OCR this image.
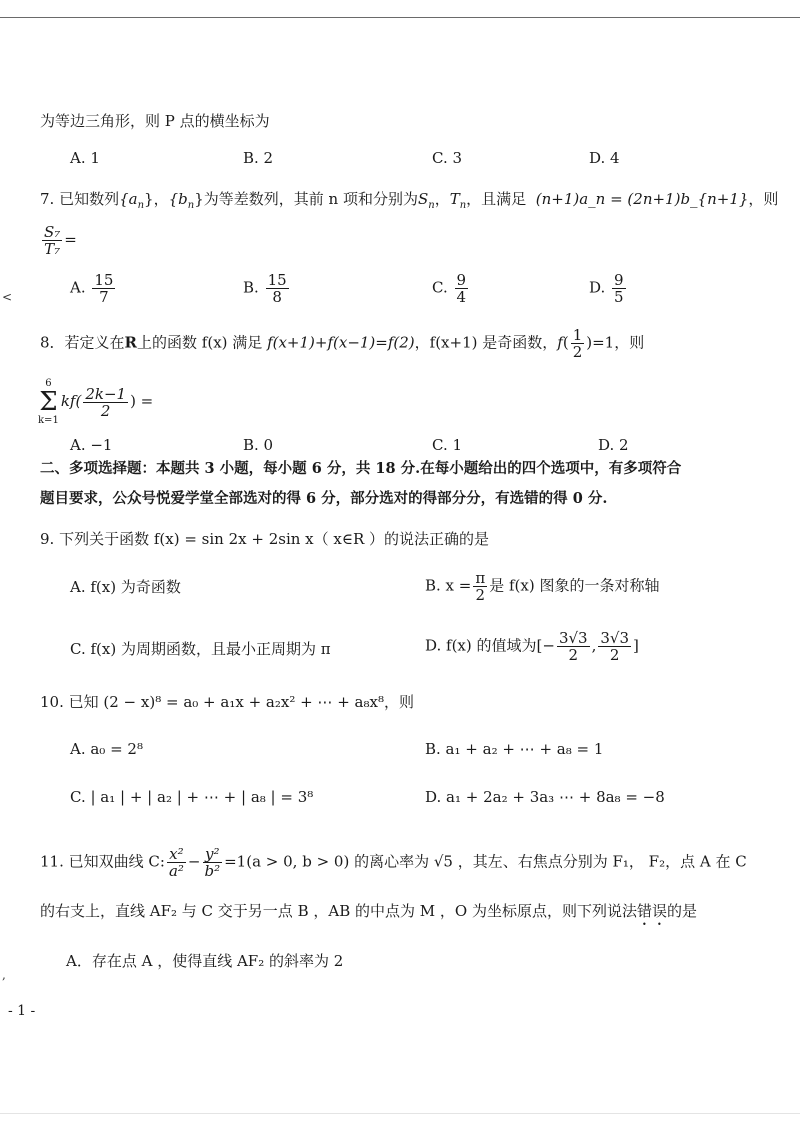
<
,
为等边三角形，则 P 点的横坐标为
A. 1	B. 2	C. 3	D. 4
7. 已知数列$\{a_n\}$，$\{b_n\}$为等差数列，其前 n 项和分别为$S_n$，$T_n$，且满足 (n+1)a_n = (2n+1)b_{n+1}，则
$\frac{\text{S₇}}{\text{T₇}}$ =
A. $\frac{15}{7}$	B. $\frac{15}{8}$	C. $\frac{9}{4}$	D. $\frac{9}{5}$
8．若定义在R上的函数 f(x) 满足 f(x+1)+f(x−1)=f(2)，f(x+1) 是奇函数，$f( \frac{1}{2} )=1$，则
6
Σ
k=1
$kf( \frac{2k-1}{2}$ ) =
A. −1	B. 0	C. 1	D. 2
二、多项选择题：本题共 3 小题，每小题 6 分，共 18 分.在每小题给出的四个选项中，有多项符合
题目要求，公众号悦爱学堂全部选对的得 6 分，部分选对的得部分分，有选错的得 0 分.
9. 下列关于函数 f(x) = sin 2x + 2sin x（ x∈R ）的说法正确的是
A. f(x) 为奇函数	B. $x = \frac{\pi}{2}$ 是 f(x) 图象的一条对称轴
C. f(x) 为周期函数，且最小正周期为 π	D. f(x) 的值域为[− $\frac{3√3}{2}$ , $\frac{3√3}{2}$ ]
10. 已知 (2 − x)⁸ = a₀ + a₁x + a₂x² + ⋯ + a₈x⁸，则
A. a₀ = 2⁸	B. a₁ + a₂ + ⋯ + a₈ = 1
C. | a₁ | + | a₂ | + ⋯ + | a₈ | = 3⁸	D. a₁ + 2a₂ + 3a₃ ⋯ + 8a₈ = −8
11. 已知双曲线 C: $\frac{\text{x²}}{\text{a²}} - \frac{\text{y²}}{\text{b²}} =1(a > 0$, b > 0) 的离心率为 √5 ，其左、右焦点分别为 F₁， F₂，点 A 在 C
的右支上，直线 AF₂ 与 C 交于另一点 B ，AB 的中点为 M ，O 为坐标原点，则下列说法错误的是
A．存在点 A ，使得直线 AF₂ 的斜率为 2
- 1 -
